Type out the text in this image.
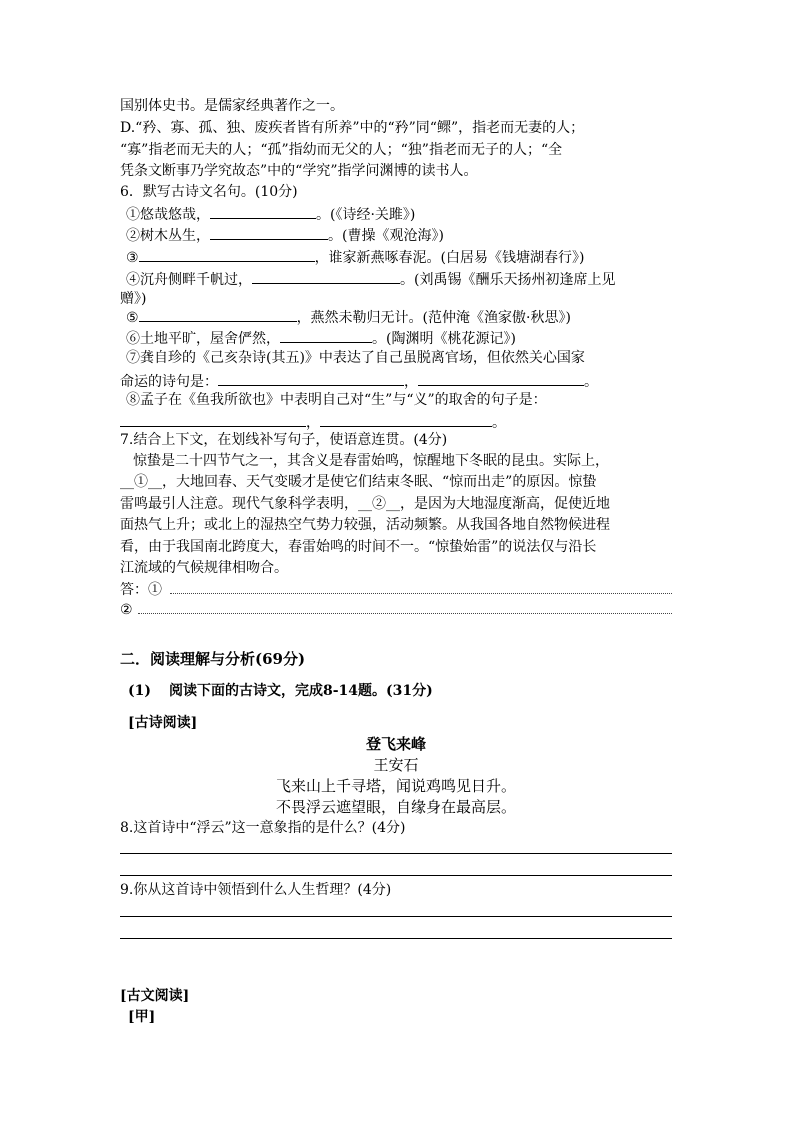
国别体史书。是儒家经典著作之一。
D.“矜、寡、孤、独、废疾者皆有所养”中的“矜”同“鳏”，指老而无妻的人；
“寡”指老而无夫的人；“孤”指幼而无父的人；“独”指老而无子的人；“全
凭条文断事乃学究故态”中的“学究”指学问渊博的读书人。
6．默写古诗文名句。(10分)
①悠哉悠哉，	。(《诗经·关雎》)
②树木丛生，	。(曹操《观沧海》)
③	，谁家新燕啄春泥。(白居易《钱塘湖春行》)
④沉舟侧畔千帆过，	。(刘禹锡《酬乐天扬州初逢席上见
赠》)
⑤	，燕然未勒归无计。(范仲淹《渔家傲·秋思》)
⑥土地平旷，屋舍俨然，	。(陶渊明《桃花源记》)
⑦龚自珍的《己亥杂诗(其五)》中表达了自己虽脱离官场，但依然关心国家
命运的诗句是：	，	。
⑧孟子在《鱼我所欲也》中表明自己对“生”与“义”的取舍的句子是：
，	。
7.结合上下文，在划线补写句子，使语意连贯。(4分)
惊蛰是二十四节气之一，其含义是春雷始鸣，惊醒地下冬眠的昆虫。实际上，
__①__，大地回春、天气变暖才是使它们结束冬眠、“惊而出走”的原因。惊蛰
雷鸣最引人注意。现代气象科学表明，__②__，是因为大地湿度渐高，促使近地
面热气上升；或北上的湿热空气势力较强，活动频繁。从我国各地自然物候进程
看，由于我国南北跨度大，春雷始鸣的时间不一。“惊蛰始雷”的说法仅与沿长
江流域的气候规律相吻合。
答：①
②
二．阅读理解与分析(69分)
(1) 阅读下面的古诗文，完成8-14题。(31分)
[古诗阅读]
登飞来峰
王安石
飞来山上千寻塔，闻说鸡鸣见日升。
不畏浮云遮望眼，自缘身在最高层。
8.这首诗中“浮云”这一意象指的是什么？(4分)
9.你从这首诗中领悟到什么人生哲理？(4分)
[古文阅读]
[甲]
